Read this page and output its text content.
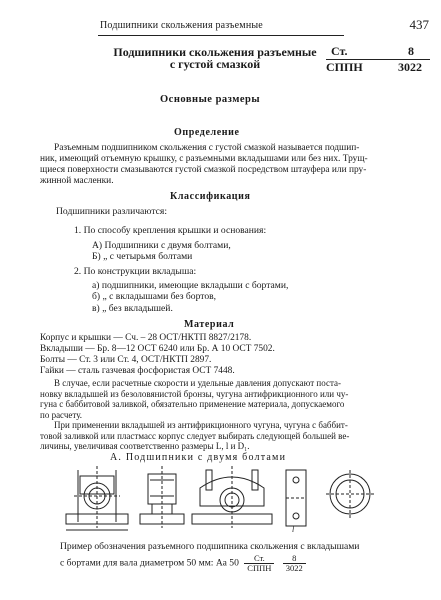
Подшипники скольжения разъемные	437
Подшипники скольжения разъемные
с густой смазкой
Ст.
СППН
8
3022
Основные размеры
Определение
Разъемным подшипником скольжения с густой смазкой называется подшип-
ник, имеющий отъемную крышку, с разъемными вкладышами или без них. Трущ-
щиеся поверхности смазываются густой смазкой посредством штауфера или пру-
жинной масленки.
Классификация
Подшипники различаются:
1. По способу крепления крышки и основания:
А) Подшипники с двумя болтами,
Б) „ с четырьмя болтами
2. По конструкции вкладыша:
а) подшипники, имеющие вкладыши с бортами,
б) „ с вкладышами без бортов,
в) „ без вкладышей.
Материал
Корпус и крышки — Сч. – 28 ОСТ/НКТП 8827/2178.
Вкладыши — Бр. 8—12 ОСТ 6240 или Бр. А 10 ОСТ 7502.
Болты — Ст. 3 или Ст. 4, ОСТ/НКТП 2897.
Гайки — сталь газчевая фосфористая ОСТ 7448.
В случае, если расчетные скорости и удельные давления допускают поста-
новку вкладышей из безоловянистой бронзы, чугуна антифрикционного или чу-
гуна с баббитовой заливкой, обязательно применение материала, допускаемого
по расчету.
При применении вкладышей из антифрикционного чугуна, чугуна с баббит-
товой заливкой или пластмасс корпус следует выбирать следующей большей ве-
личины, увеличивая соответственно размеры L, l и D₁.
А. Подшипники с двумя болтами
l
Пример обозначения разъемного подшипника скольжения с вкладышами
с бортами для вала диаметром 50 мм: Аа $50 \frac{Ст.}{\text{СППН}}$
$\frac{8}{3022}$
